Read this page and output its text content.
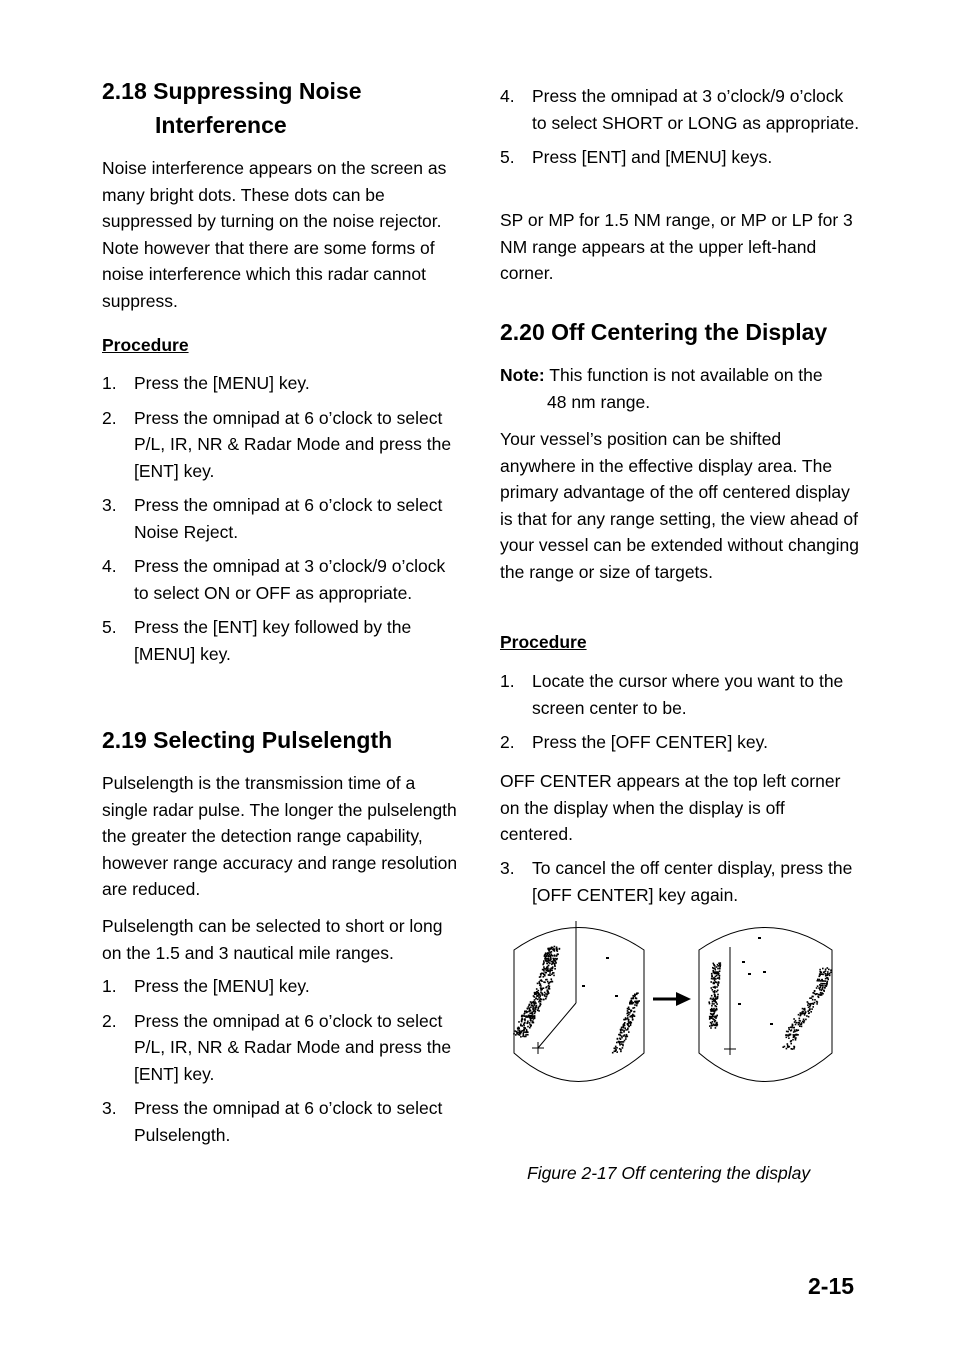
2.18 Suppressing Noise
Interference

Noise interference appears on the screen as many bright dots. These dots can be suppressed by turning on the noise rejector. Note however that there are some forms of noise interference which this radar cannot suppress.

Procedure
1. Press the [MENU] key.
2. Press the omnipad at 6 o’clock to select P/L, IR, NR & Radar Mode and press the [ENT] key.
3. Press the omnipad at 6 o’clock to select Noise Reject.
4. Press the omnipad at 3 o’clock/9 o’clock to select ON or OFF as appropriate.
5. Press the [ENT] key followed by the [MENU] key.
2.19 Selecting Pulselength

Pulselength is the transmission time of a single radar pulse. The longer the pulselength the greater the detection range capability, however range accuracy and range resolution are reduced.

Pulselength can be selected to short or long on the 1.5 and 3 nautical mile ranges.

1. Press the [MENU] key.
2. Press the omnipad at 6 o’clock to select P/L, IR, NR & Radar Mode and press the [ENT] key.
3. Press the omnipad at 6 o’clock to select Pulselength.
4. Press the omnipad at 3 o’clock/9 o’clock to select SHORT or LONG as appropriate.
5. Press [ENT] and [MENU] keys.

SP or MP for 1.5 NM range, or MP or LP for 3 NM range appears at the upper left-hand corner.

2.20 Off Centering the Display

Note: This function is not available on the
48 nm range.

Your vessel’s position can be shifted anywhere in the effective display area. The primary advantage of the off centered display is that for any range setting, the view ahead of your vessel can be extended without changing the range or size of targets.

Procedure
1. Locate the cursor where you want to the screen center to be.
2. Press the [OFF CENTER] key.

OFF CENTER appears at the top left corner on the display when the display is off centered.

3. To cancel the off center display, press the [OFF CENTER] key again.
Figure 2-17 Off centering the display
2-15
